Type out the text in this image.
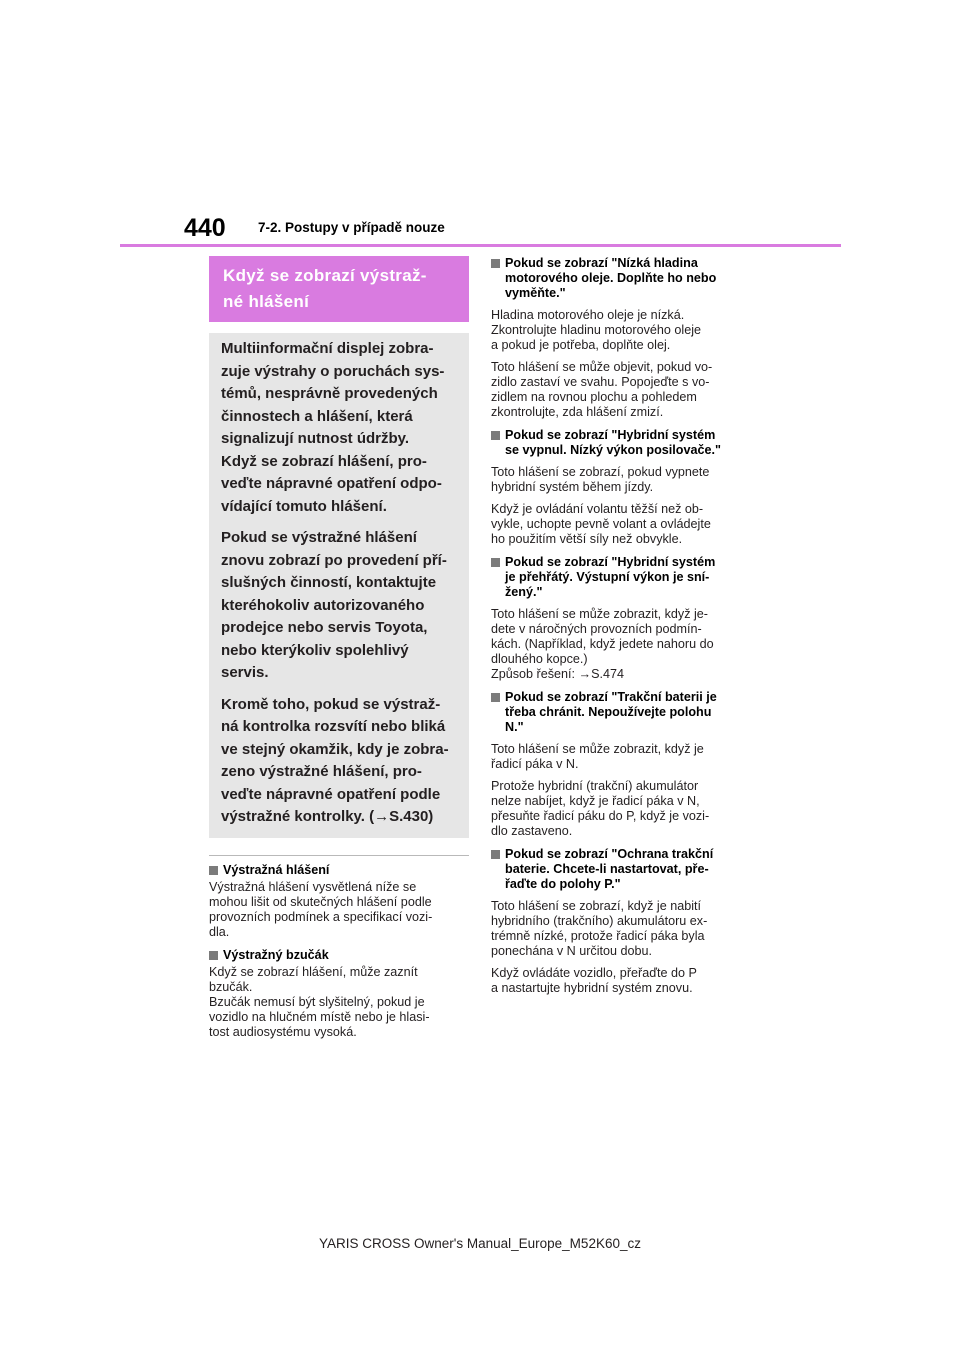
440 7-2. Postupy v případě nouze
Když se zobrazí výstraž-
né hlášení

Multiinformační displej zobra-
zuje výstrahy o poruchách sys-
témů, nesprávně provedených
činnostech a hlášení, která
signalizují nutnost údržby.
Když se zobrazí hlášení, pro-
veďte nápravné opatření odpo-
vídající tomuto hlášení.

Pokud se výstražné hlášení
znovu zobrazí po provedení pří-
slušných činností, kontaktujte
kteréhokoliv autorizovaného
prodejce nebo servis Toyota,
nebo kterýkoliv spolehlivý
servis.

Kromě toho, pokud se výstraž-
ná kontrolka rozsvítí nebo bliká
ve stejný okamžik, kdy je zobra-
zeno výstražné hlášení, pro-
veďte nápravné opatření podle
výstražné kontrolky. (→S.430)

Výstražná hlášení

Výstražná hlášení vysvětlená níže se
mohou lišit od skutečných hlášení podle
provozních podmínek a specifikací vozi-
dla.

Výstražný bzučák

Když se zobrazí hlášení, může zaznít
bzučák.
Bzučák nemusí být slyšitelný, pokud je
vozidlo na hlučném místě nebo je hlasi-
tost audiosystému vysoká.

Pokud se zobrazí "Nízká hladina
motorového oleje. Doplňte ho nebo
vyměňte."

Hladina motorového oleje je nízká.
Zkontrolujte hladinu motorového oleje
a pokud je potřeba, doplňte olej.

Toto hlášení se může objevit, pokud vo-
zidlo zastaví ve svahu. Popojeďte s vo-
zidlem na rovnou plochu a pohledem
zkontrolujte, zda hlášení zmizí.

Pokud se zobrazí "Hybridní systém
se vypnul. Nízký výkon posilovače."

Toto hlášení se zobrazí, pokud vypnete
hybridní systém během jízdy.

Když je ovládání volantu těžší než ob-
vykle, uchopte pevně volant a ovládejte
ho použitím větší síly než obvykle.

Pokud se zobrazí "Hybridní systém
je přehřátý. Výstupní výkon je sní-
žený."

Toto hlášení se může zobrazit, když je-
dete v náročných provozních podmín-
kách. (Například, když jedete nahoru do
dlouhého kopce.)
Způsob řešení: →S.474

Pokud se zobrazí "Trakční baterii je
třeba chránit. Nepoužívejte polohu
N."

Toto hlášení se může zobrazit, když je
řadicí páka v N.

Protože hybridní (trakční) akumulátor
nelze nabíjet, když je řadicí páka v N,
přesuňte řadicí páku do P, když je vozi-
dlo zastaveno.

Pokud se zobrazí "Ochrana trakční
baterie. Chcete-li nastartovat, pře-
řaďte do polohy P."

Toto hlášení se zobrazí, když je nabití
hybridního (trakčního) akumulátoru ex-
trémně nízké, protože řadicí páka byla
ponechána v N určitou dobu.

Když ovládáte vozidlo, přeřaďte do P
a nastartujte hybridní systém znovu.

YARIS CROSS Owner's Manual_Europe_M52K60_cz
